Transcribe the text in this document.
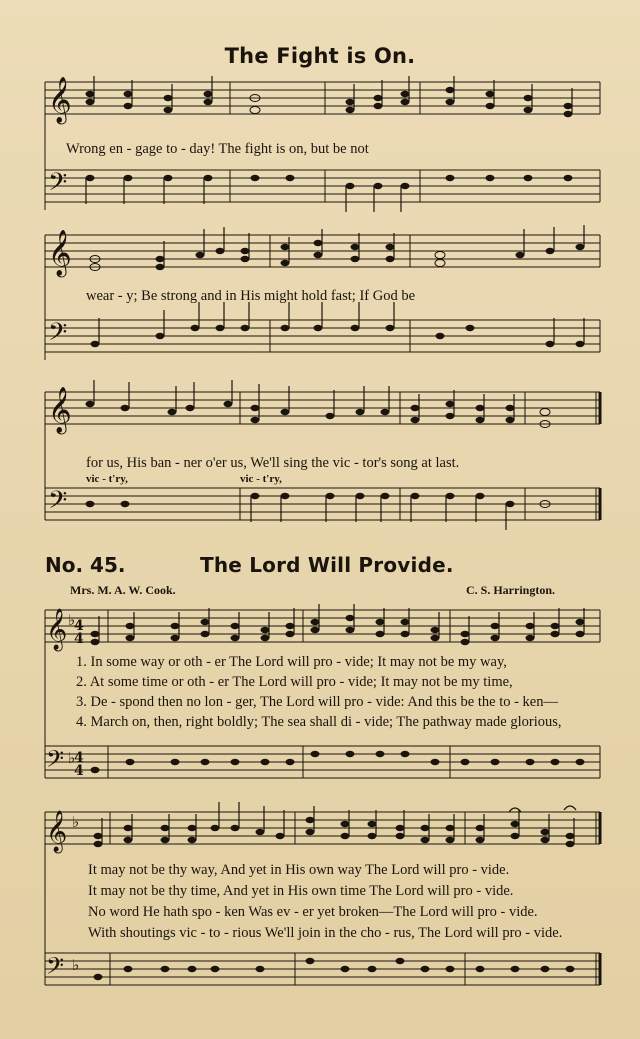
The Fight is On.
𝄞
𝄢
Wrong en - gage to - day! The fight is on, but be not
𝄞
𝄢
wear - y; Be strong and in His might hold fast; If God be
𝄞
𝄢
for us, His ban - ner o'er us, We'll sing the vic - tor's song at last.
vic - t'ry,	vic - t'ry,
No. 45.	The Lord Will Provide.
Mrs. M. A. W. Cook.	C. S. Harrington.
𝄞 ♭
4
4
𝄢 ♭
4
4
1. In some way or oth - er The Lord will pro - vide; It may not be my way,
2. At some time or oth - er The Lord will pro - vide; It may not be my time,
3. De - spond then no lon - ger, The Lord will pro - vide: And this be the to - ken—
4. March on, then, right boldly; The sea shall di - vide; The pathway made glorious,
𝄞 ♭
𝄢 ♭
It may not be thy way, And yet in His own way The Lord will pro - vide.
It may not be thy time, And yet in His own time The Lord will pro - vide.
No word He hath spo - ken Was ev - er yet broken—The Lord will pro - vide.
With shoutings vic - to - rious We'll join in the cho - rus, The Lord will pro - vide.
